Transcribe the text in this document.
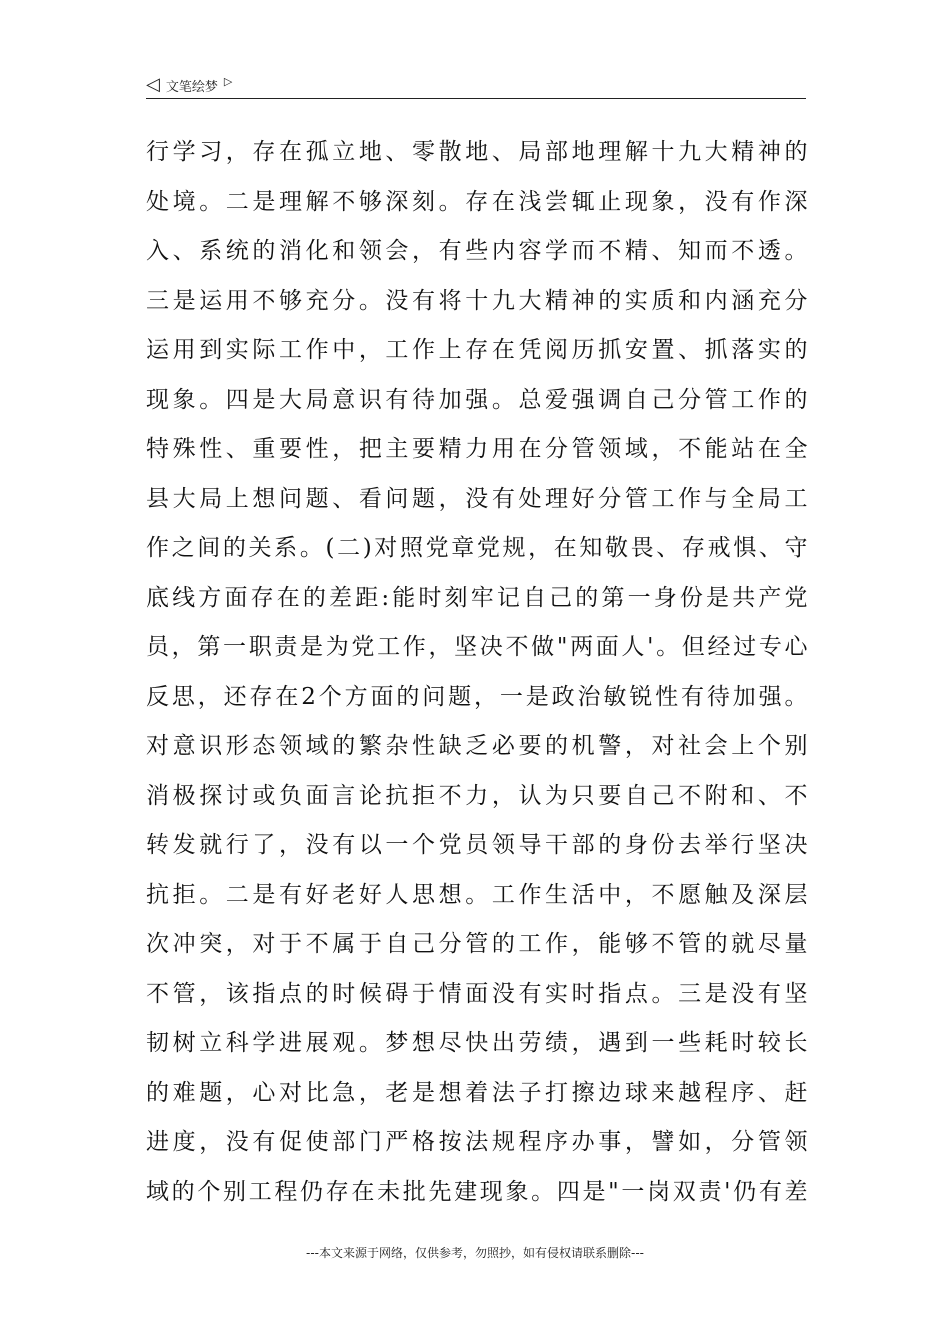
◁ 文笔绘梦 ▷
行学习，存在孤立地、零散地、局部地理解十九大精神的
处境。二是理解不够深刻。存在浅尝辄止现象，没有作深
入、系统的消化和领会，有些内容学而不精、知而不透。
三是运用不够充分。没有将十九大精神的实质和内涵充分
运用到实际工作中，工作上存在凭阅历抓安置、抓落实的
现象。四是大局意识有待加强。总爱强调自己分管工作的
特殊性、重要性，把主要精力用在分管领域，不能站在全
县大局上想问题、看问题，没有处理好分管工作与全局工
作之间的关系。(二)对照党章党规，在知敬畏、存戒惧、守
底线方面存在的差距:能时刻牢记自己的第一身份是共产党
员，第一职责是为党工作，坚决不做"两面人'。但经过专心
反思，还存在2个方面的问题，一是政治敏锐性有待加强。
对意识形态领域的繁杂性缺乏必要的机警，对社会上个别
消极探讨或负面言论抗拒不力，认为只要自己不附和、不
转发就行了，没有以一个党员领导干部的身份去举行坚决
抗拒。二是有好老好人思想。工作生活中，不愿触及深层
次冲突，对于不属于自己分管的工作，能够不管的就尽量
不管，该指点的时候碍于情面没有实时指点。三是没有坚
韧树立科学进展观。梦想尽快出劳绩，遇到一些耗时较长
的难题，心对比急，老是想着法子打擦边球来越程序、赶
进度，没有促使部门严格按法规程序办事，譬如，分管领
域的个别工程仍存在未批先建现象。四是"一岗双责'仍有差
---本文来源于网络，仅供参考，勿照抄，如有侵权请联系删除---
